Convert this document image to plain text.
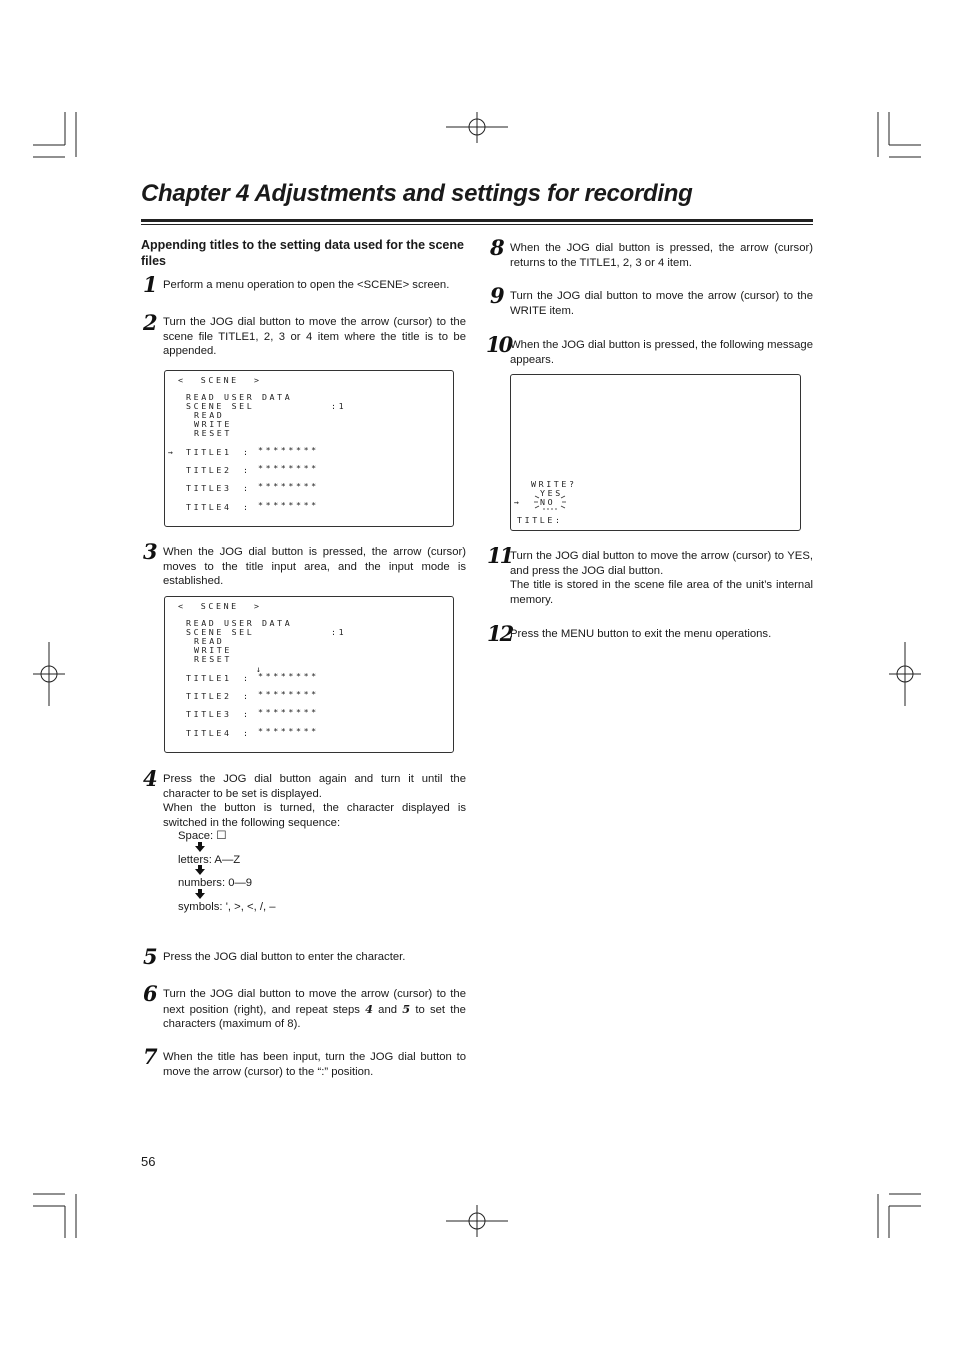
Chapter 4 Adjustments and settings for recording
Appending titles to the setting data used for the scene files
1 Perform a menu operation to open the <SCENE> screen.
2 Turn the JOG dial button to move the arrow (cursor) to the scene file TITLE1, 2, 3 or 4 item where the title is to be appended.
<  SCENE  >
READ USER DATA
SCENE SEL	:1
READ
WRITE
RESET
→ TITLE1 : ********
TITLE2 : ********
TITLE3 : ********
TITLE4 : ********
3 When the JOG dial button is pressed, the arrow (cursor) moves to the title input area, and the input mode is established.
<  SCENE  >
READ USER DATA
SCENE SEL	:1
READ
WRITE
RESET
↓
TITLE1 : ********
TITLE2 : ********
TITLE3 : ********
TITLE4 : ********
4 Press the JOG dial button again and turn it until the character to be set is displayed.

When the button is turned, the character displayed is switched in the following sequence:

Space: ☐
letters: A—Z
numbers: 0—9
symbols: ', >, <, /, –
5 Press the JOG dial button to enter the character.
6 Turn the JOG dial button to move the arrow (cursor) to the next position (right), and repeat steps 4 and 5 to set the characters (maximum of 8).
7 When the title has been input, turn the JOG dial button to move the arrow (cursor) to the “:” position.
8 When the JOG dial button is pressed, the arrow (cursor) returns to the TITLE1, 2, 3 or 4 item.
9 Turn the JOG dial button to move the arrow (cursor) to the WRITE item.
10
When the JOG dial button is pressed, the following message appears.
WRITE?
YES
→ NO
TITLE:
11

Turn the JOG dial button to move the arrow (cursor) to YES, and press the JOG dial button.

The title is stored in the scene file area of the unit’s internal memory.

12
Press the MENU button to exit the menu operations.
56
